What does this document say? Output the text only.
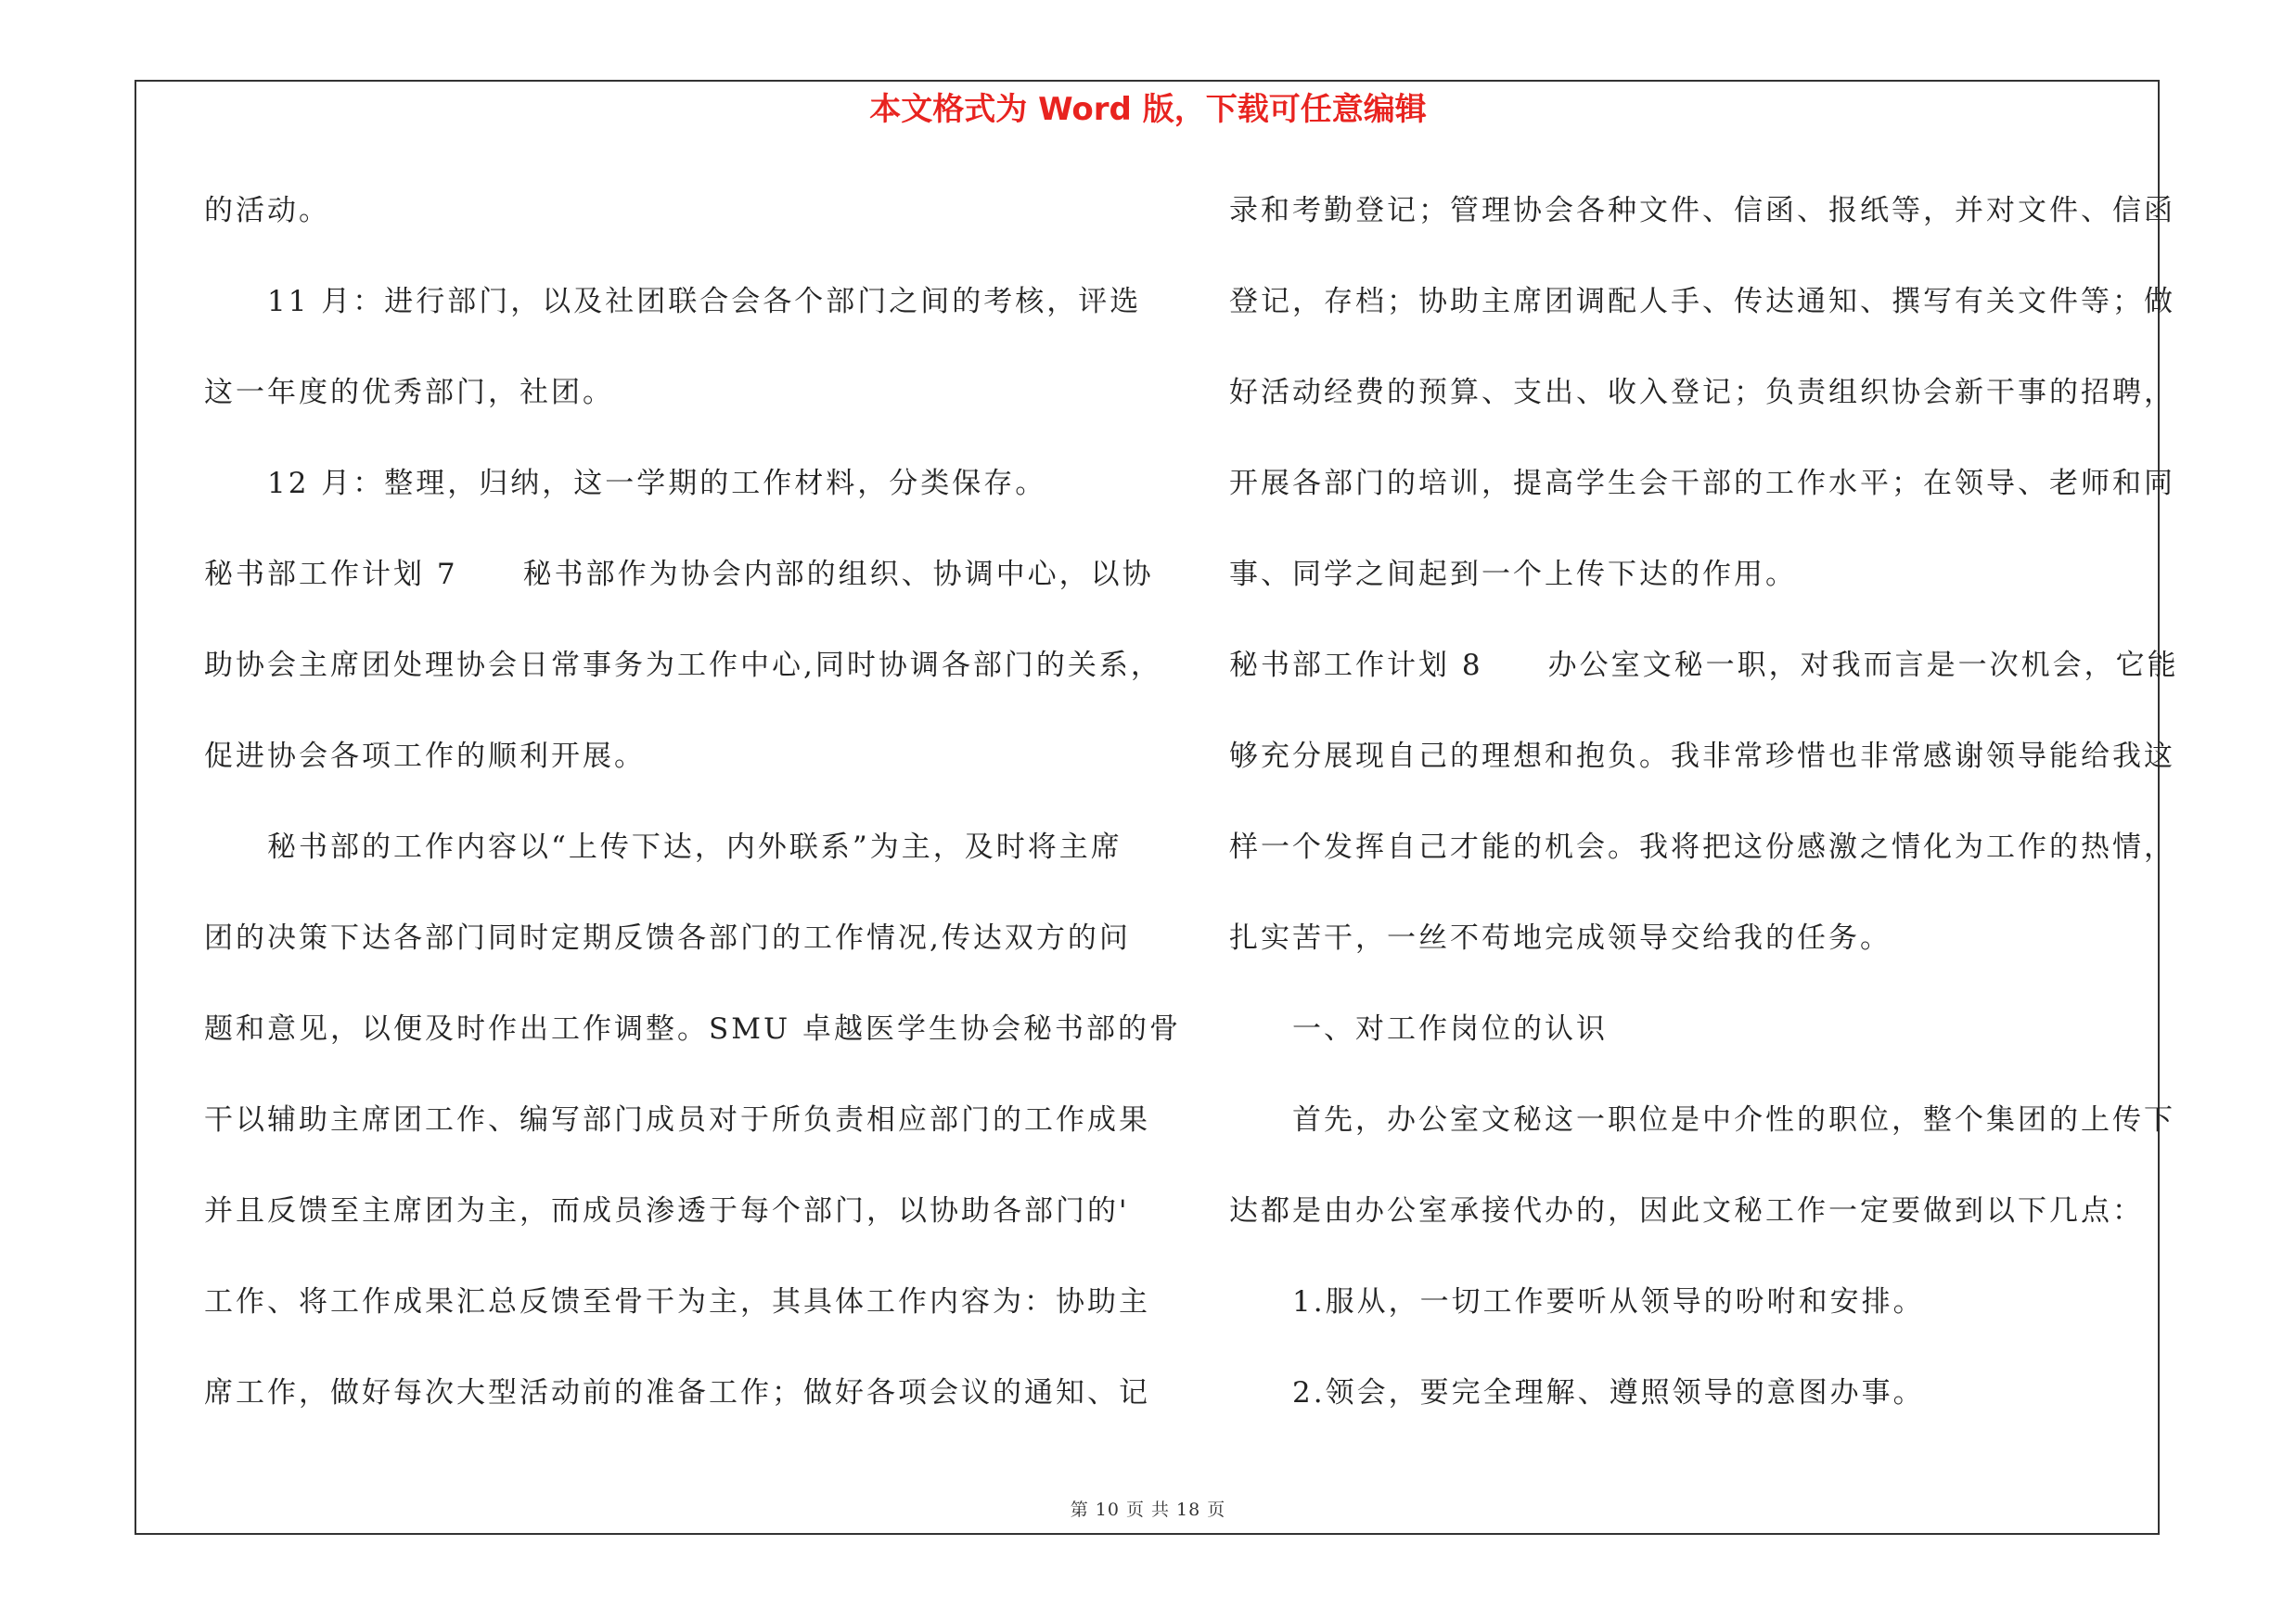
本文格式为 Word 版，下载可任意编辑
的活动。
11 月：进行部门，以及社团联合会各个部门之间的考核，评选
这一年度的优秀部门，社团。
12 月：整理，归纳，这一学期的工作材料，分类保存。
秘书部工作计划 7 秘书部作为协会内部的组织、协调中心，以协
助协会主席团处理协会日常事务为工作中心,同时协调各部门的关系，
促进协会各项工作的顺利开展。
秘书部的工作内容以“上传下达，内外联系”为主，及时将主席
团的决策下达各部门同时定期反馈各部门的工作情况,传达双方的问
题和意见，以便及时作出工作调整。SMU 卓越医学生协会秘书部的骨
干以辅助主席团工作、编写部门成员对于所负责相应部门的工作成果
并且反馈至主席团为主，而成员渗透于每个部门，以协助各部门的'
工作、将工作成果汇总反馈至骨干为主，其具体工作内容为：协助主
席工作，做好每次大型活动前的准备工作；做好各项会议的通知、记
录和考勤登记；管理协会各种文件、信函、报纸等，并对文件、信函
登记，存档；协助主席团调配人手、传达通知、撰写有关文件等；做
好活动经费的预算、支出、收入登记；负责组织协会新干事的招聘，
开展各部门的培训，提高学生会干部的工作水平；在领导、老师和同
事、同学之间起到一个上传下达的作用。
秘书部工作计划 8 办公室文秘一职，对我而言是一次机会，它能
够充分展现自己的理想和抱负。我非常珍惜也非常感谢领导能给我这
样一个发挥自己才能的机会。我将把这份感激之情化为工作的热情，
扎实苦干，一丝不苟地完成领导交给我的任务。
一、对工作岗位的认识
首先，办公室文秘这一职位是中介性的职位，整个集团的上传下
达都是由办公室承接代办的，因此文秘工作一定要做到以下几点：
1.服从，一切工作要听从领导的吩咐和安排。
2.领会，要完全理解、遵照领导的意图办事。
第 10 页 共 18 页
